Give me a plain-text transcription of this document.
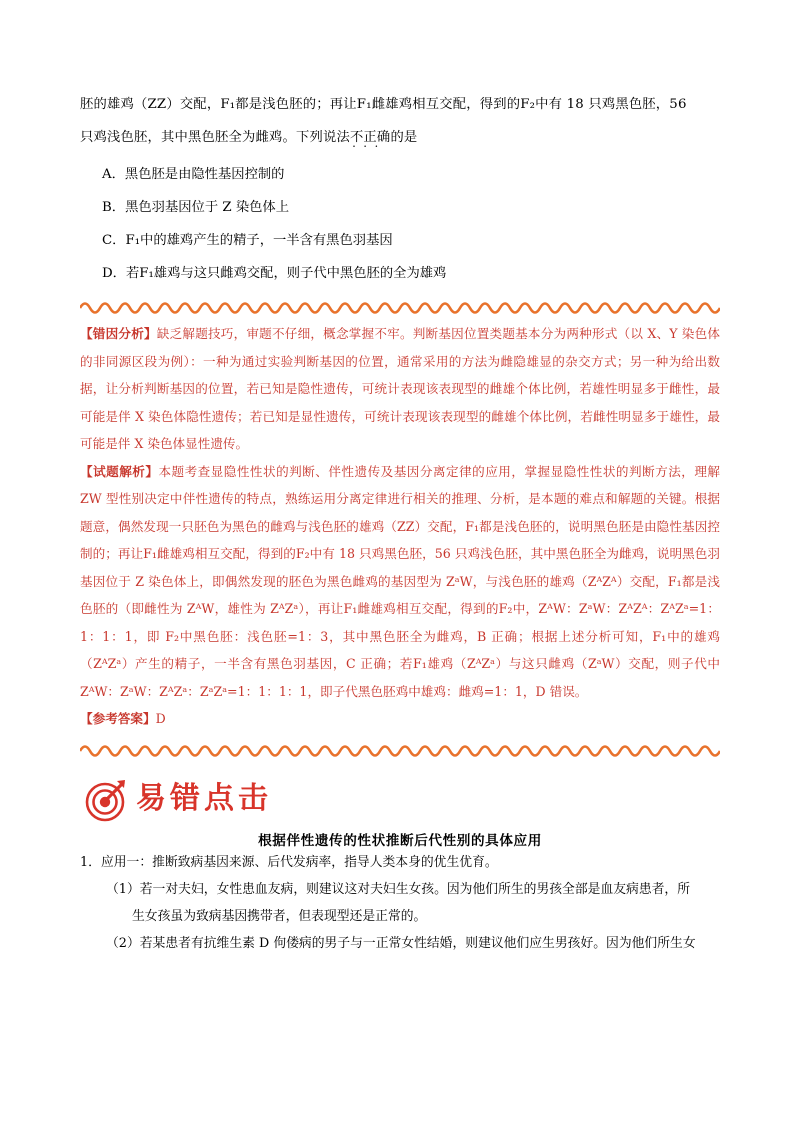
胚的雄鸡（ZZ）交配，F₁都是浅色胚的；再让F₁雌雄鸡相互交配，得到的F₂中有 18 只鸡黑色胚，56
只鸡浅色胚，其中黑色胚全为雌鸡。下列说法不正确 ・・・的是
A．黑色胚是由隐性基因控制的
B．黑色羽基因位于 Z 染色体上
C．F₁中的雄鸡产生的精子，一半含有黑色羽基因
D．若F₁雄鸡与这只雌鸡交配，则子代中黑色胚的全为雄鸡

【错因分析】缺乏解题技巧，审题不仔细，概念掌握不牢。判断基因位置类题基本分为两种形式（以 X、Y 染色体的非同源区段为例）：一种为通过实验判断基因的位置，通常采用的方法为雌隐雄显的杂交方式；另一种为给出数据，让分析判断基因的位置，若已知是隐性遗传，可统计表现该表现型的雌雄个体比例，若雄性明显多于雌性，最可能是伴 X 染色体隐性遗传；若已知是显性遗传，可统计表现该表现型的雌雄个体比例，若雌性明显多于雄性，最可能是伴 X 染色体显性遗传。

【试题解析】本题考查显隐性性状的判断、伴性遗传及基因分离定律的应用，掌握显隐性性状的判断方法，理解 ZW 型性别决定中伴性遗传的特点，熟练运用分离定律进行相关的推理、分析，是本题的难点和解题的关键。根据题意，偶然发现一只胚色为黑色的雌鸡与浅色胚的雄鸡（ZZ）交配，F₁都是浅色胚的，说明黑色胚是由隐性基因控制的；再让F₁雌雄鸡相互交配，得到的F₂中有 18 只鸡黑色胚，56 只鸡浅色胚，其中黑色胚全为雌鸡，说明黑色羽基因位于 Z 染色体上，即偶然发现的胚色为黑色雌鸡的基因型为 ZᵃW，与浅色胚的雄鸡（ZᴬZᴬ）交配，F₁都是浅色胚的（即雌性为 ZᴬW，雄性为 ZᴬZᵃ），再让F₁雌雄鸡相互交配，得到的F₂中，ZᴬW：ZᵃW：ZᴬZᴬ：ZᴬZᵃ=1：1：1：1，即 F₂中黑色胚：浅色胚=1：3，其中黑色胚全为雌鸡，B 正确；根据上述分析可知，F₁中的雄鸡（ZᴬZᵃ）产生的精子，一半含有黑色羽基因，C 正确；若F₁雄鸡（ZᴬZᵃ）与这只雌鸡（ZᵃW）交配，则子代中 ZᴬW：ZᵃW：ZᴬZᵃ：ZᵃZᵃ=1：1：1：1，即子代黑色胚鸡中雄鸡：雌鸡=1：1，D 错误。

【参考答案】D

易错点击
根据伴性遗传的性状推断后代性别的具体应用
1．应用一：推断致病基因来源、后代发病率，指导人类本身的优生优育。
（1）若一对夫妇，女性患血友病，则建议这对夫妇生女孩。因为他们所生的男孩全部是血友病患者，所
生女孩虽为致病基因携带者，但表现型还是正常的。
（2）若某患者有抗维生素 D 佝偻病的男子与一正常女性结婚，则建议他们应生男孩好。因为他们所生女
